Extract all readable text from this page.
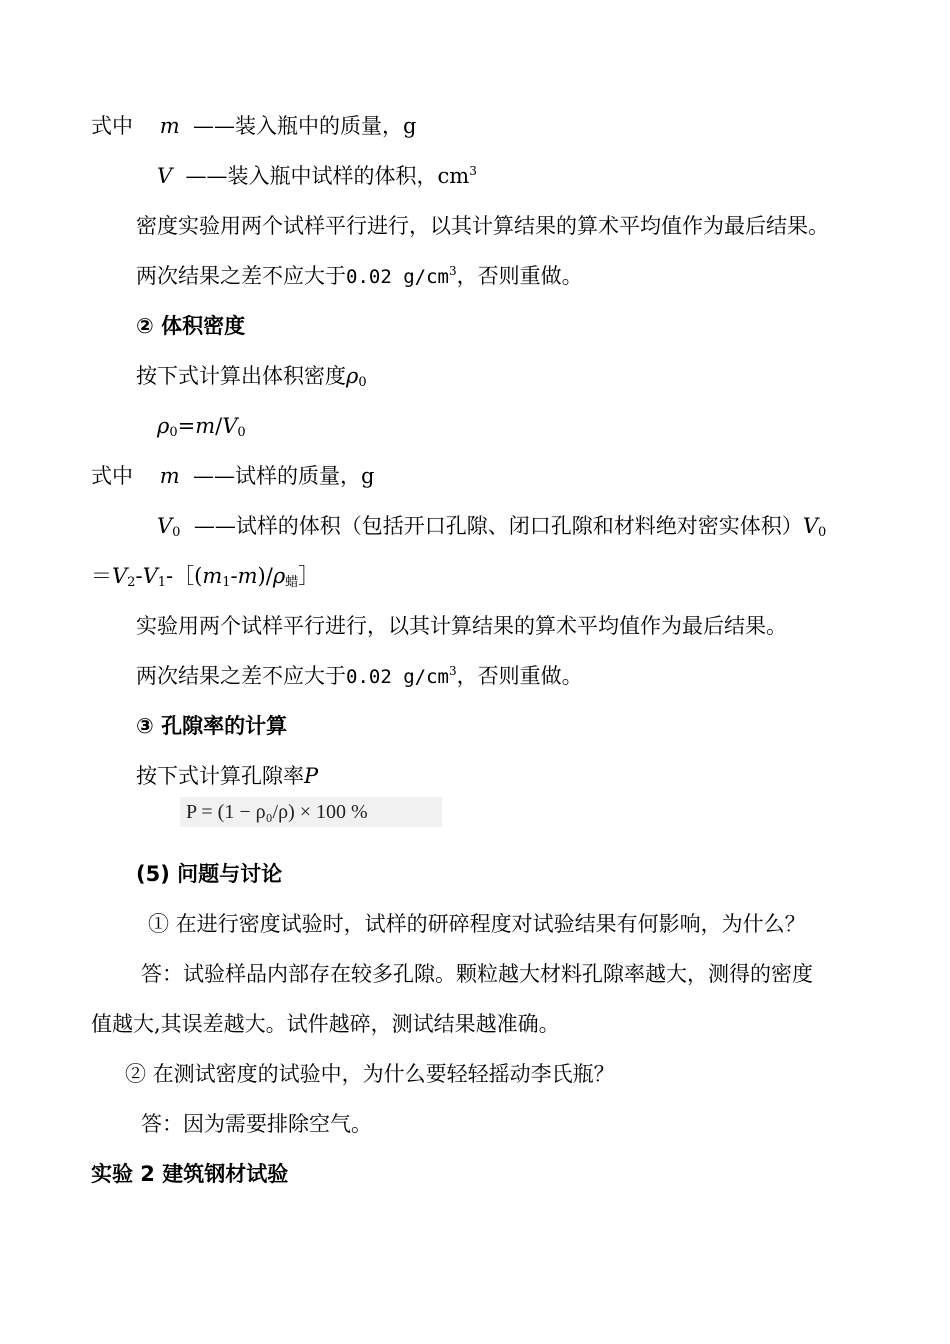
式中 m ——装入瓶中的质量，g
V ——装入瓶中试样的体积，$cm^3$
密度实验用两个试样平行进行，以其计算结果的算术平均值作为最后结果。
两次结果之差不应大于0.02 $g/cm^3$，否则重做。
② 体积密度
按下式计算出体积密度$\rho_0$
$\rho_0=m/V_0$
式中 m ——试样的质量，g
$V_0$ ——试样的体积（包括开口孔隙、闭口孔隙和材料绝对密实体积）$V_0$
$=V_2-V_1-[(m_1-m)/\rho_蜡]$
实验用两个试样平行进行，以其计算结果的算术平均值作为最后结果。
两次结果之差不应大于0.02 $g/cm^3$，否则重做。
③ 孔隙率的计算
按下式计算孔隙率P
P = (1 − ρ₀/ρ) × 100 %
(5) 问题与讨论
① 在进行密度试验时，试样的研碎程度对试验结果有何影响，为什么？
答：试验样品内部存在较多孔隙。颗粒越大材料孔隙率越大，测得的密度
值越大,其误差越大。试件越碎，测试结果越准确。
② 在测试密度的试验中，为什么要轻轻摇动李氏瓶？
答：因为需要排除空气。
实验 2 建筑钢材试验
